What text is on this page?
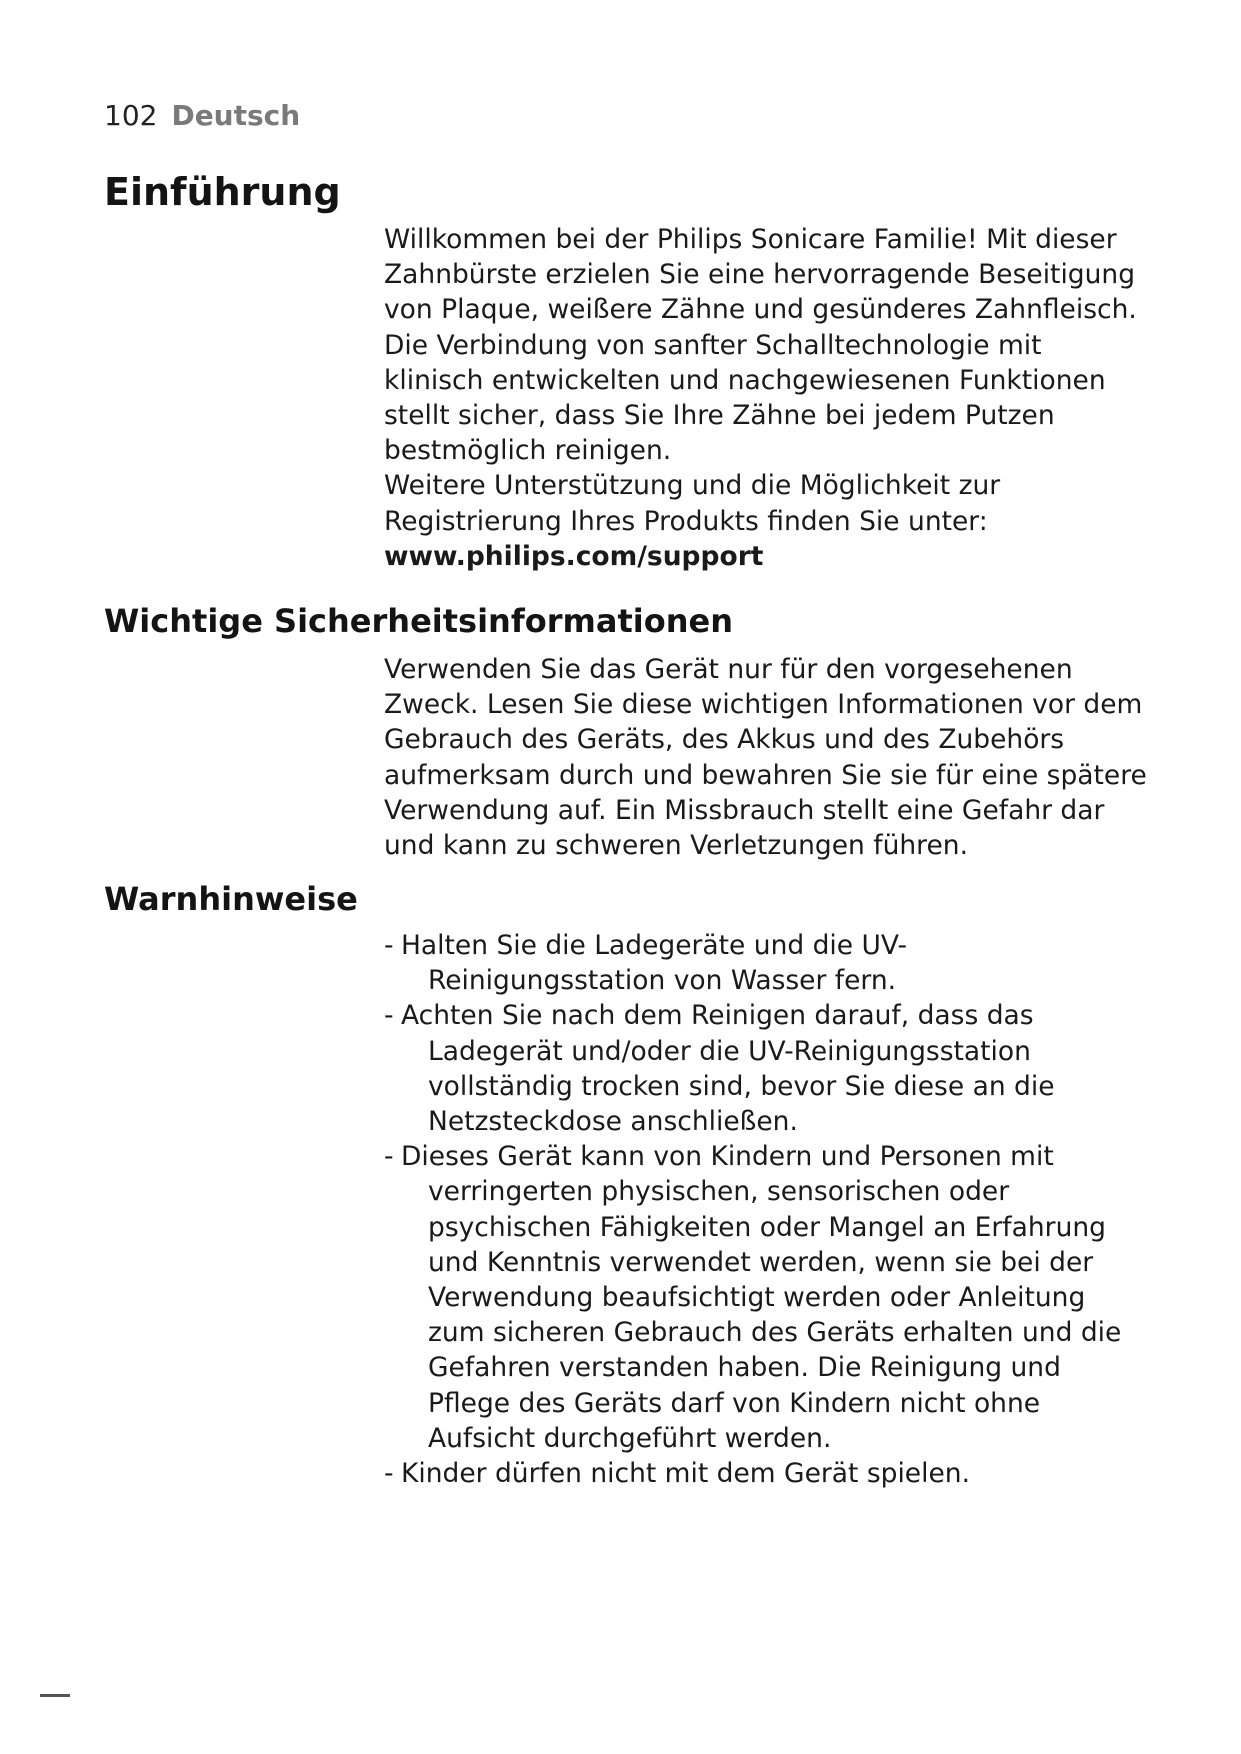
102 Deutsch
Einführung
Willkommen bei der Philips Sonicare Familie! Mit dieser
Zahnbürste erzielen Sie eine hervorragende Beseitigung
von Plaque, weißere Zähne und gesünderes Zahnfleisch.
Die Verbindung von sanfter Schalltechnologie mit
klinisch entwickelten und nachgewiesenen Funktionen
stellt sicher, dass Sie Ihre Zähne bei jedem Putzen
bestmöglich reinigen.
Weitere Unterstützung und die Möglichkeit zur
Registrierung Ihres Produkts finden Sie unter:
www.philips.com/support
Wichtige Sicherheitsinformationen
Verwenden Sie das Gerät nur für den vorgesehenen
Zweck. Lesen Sie diese wichtigen Informationen vor dem
Gebrauch des Geräts, des Akkus und des Zubehörs
aufmerksam durch und bewahren Sie sie für eine spätere
Verwendung auf. Ein Missbrauch stellt eine Gefahr dar
und kann zu schweren Verletzungen führen.
Warnhinweise
- Halten Sie die Ladegeräte und die UV-
Reinigungsstation von Wasser fern.
- Achten Sie nach dem Reinigen darauf, dass das
Ladegerät und/oder die UV-Reinigungsstation
vollständig trocken sind, bevor Sie diese an die
Netzsteckdose anschließen.
- Dieses Gerät kann von Kindern und Personen mit
verringerten physischen, sensorischen oder
psychischen Fähigkeiten oder Mangel an Erfahrung
und Kenntnis verwendet werden, wenn sie bei der
Verwendung beaufsichtigt werden oder Anleitung
zum sicheren Gebrauch des Geräts erhalten und die
Gefahren verstanden haben. Die Reinigung und
Pflege des Geräts darf von Kindern nicht ohne
Aufsicht durchgeführt werden.
- Kinder dürfen nicht mit dem Gerät spielen.
